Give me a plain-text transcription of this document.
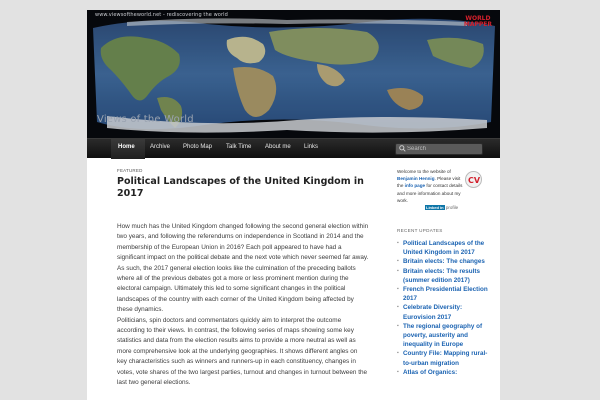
www.viewsoftheworld.net - rediscovering the world
Views of the World
WORLD
MAPPER
Home	Archive Photo Map Talk Time About me Links
Search
FEATURED
Political Landscapes of the United Kingdom in 2017

How much has the United Kingdom changed following the second general election within two years, and following the referendums on independence in Scotland in 2014 and the membership of the European Union in 2016? Each poll appeared to have had a significant impact on the political debate and the next vote which never seemed far away. As such, the 2017 general election looks like the culmination of the preceding ballots where all of the previous debates got a more or less prominent mention during the electoral campaign. Ultimately this led to some significant changes in the political landscapes of the country with each corner of the United Kingdom being affected by these dynamics.

Politicians, spin doctors and commentators quickly aim to interpret the outcome according to their views. In contrast, the following series of maps showing some key statistics and data from the election results aims to provide a more neutral as well as more comprehensive look at the underlying geographies. It shows different angles on key characteristics such as winners and runners-up in each constituency, changes in votes, vote shares of the two largest parties, turnout and changes in turnout between the last two general elections.

Welcome to the website of Benjamin Hennig. Please visit the info page for contact details and more information about my work.
CV
Linked in profile
RECENT UPDATES
▪ Political Landscapes of the United Kingdom in 2017
▪ Britain elects: The changes
▪ Britain elects: The results (summer edition 2017)
▪ French Presidential Election 2017
▪ Celebrate Diversity: Eurovision 2017
▪ The regional geography of poverty, austerity and inequality in Europe
▪ Country File: Mapping rural-to-urban migration
▪ Atlas of Organics:
